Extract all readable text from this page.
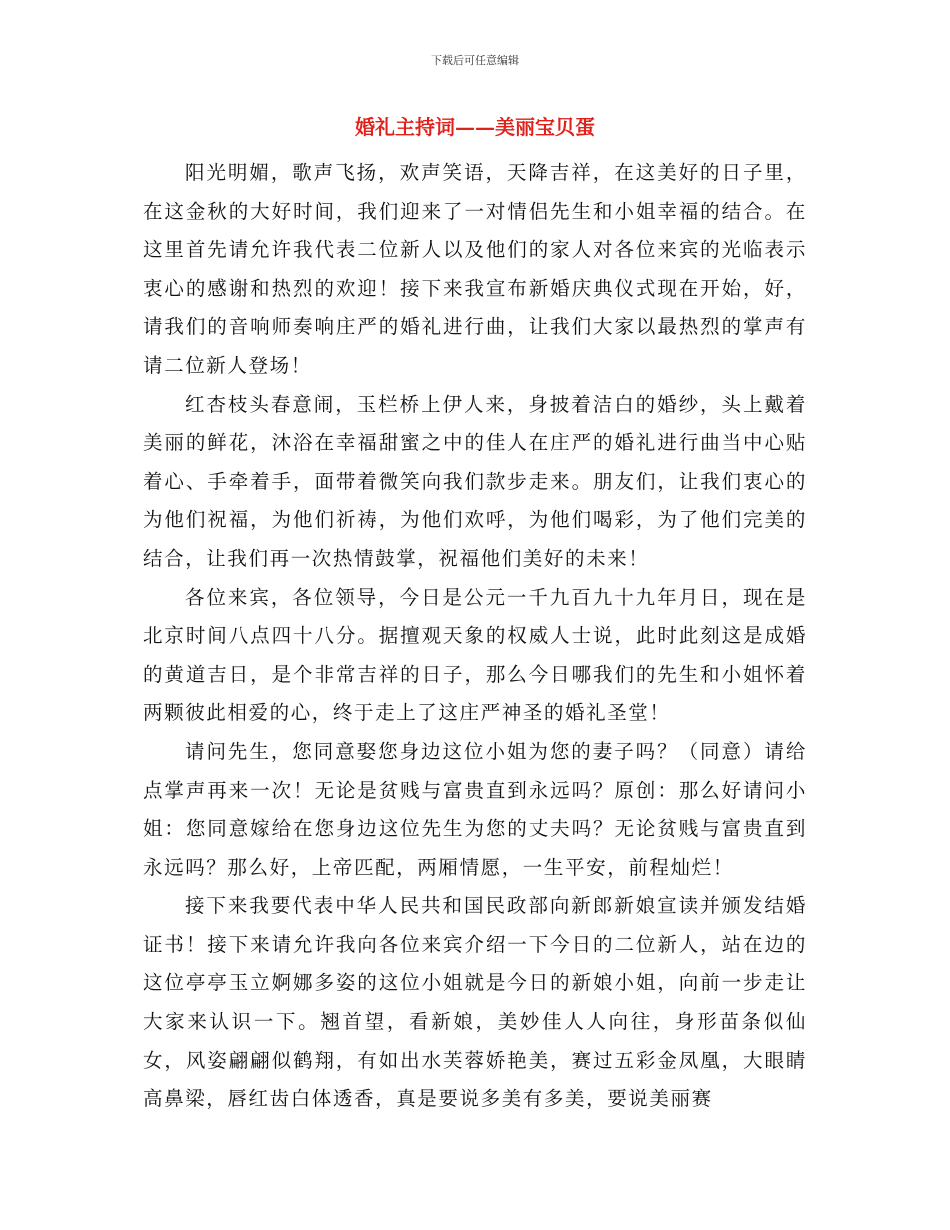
下载后可任意编辑
婚礼主持词——美丽宝贝蛋

阳光明媚，歌声飞扬，欢声笑语，天降吉祥，在这美好的日子里，在这金秋的大好时间，我们迎来了一对情侣先生和小姐幸福的结合。在这里首先请允许我代表二位新人以及他们的家人对各位来宾的光临表示衷心的感谢和热烈的欢迎！接下来我宣布新婚庆典仪式现在开始，好，请我们的音响师奏响庄严的婚礼进行曲，让我们大家以最热烈的掌声有请二位新人登场！

红杏枝头春意闹，玉栏桥上伊人来，身披着洁白的婚纱，头上戴着美丽的鲜花，沐浴在幸福甜蜜之中的佳人在庄严的婚礼进行曲当中心贴着心、手牵着手，面带着微笑向我们款步走来。朋友们，让我们衷心的为他们祝福，为他们祈祷，为他们欢呼，为他们喝彩，为了他们完美的结合，让我们再一次热情鼓掌，祝福他们美好的未来！

各位来宾，各位领导，今日是公元一千九百九十九年月日，现在是北京时间八点四十八分。据擅观天象的权威人士说，此时此刻这是成婚的黄道吉日，是个非常吉祥的日子，那么今日哪我们的先生和小姐怀着两颗彼此相爱的心，终于走上了这庄严神圣的婚礼圣堂！

请问先生，您同意娶您身边这位小姐为您的妻子吗？（同意）请给点掌声再来一次！无论是贫贱与富贵直到永远吗？原创：那么好请问小姐：您同意嫁给在您身边这位先生为您的丈夫吗？无论贫贱与富贵直到永远吗？那么好，上帝匹配，两厢情愿，一生平安，前程灿烂！

接下来我要代表中华人民共和国民政部向新郎新娘宣读并颁发结婚证书！接下来请允许我向各位来宾介绍一下今日的二位新人，站在边的这位亭亭玉立婀娜多姿的这位小姐就是今日的新娘小姐，向前一步走让大家来认识一下。翘首望，看新娘，美妙佳人人向往，身形苗条似仙女，风姿翩翩似鹤翔，有如出水芙蓉娇艳美，赛过五彩金凤凰，大眼睛高鼻梁，唇红齿白体透香，真是要说多美有多美，要说美丽赛
